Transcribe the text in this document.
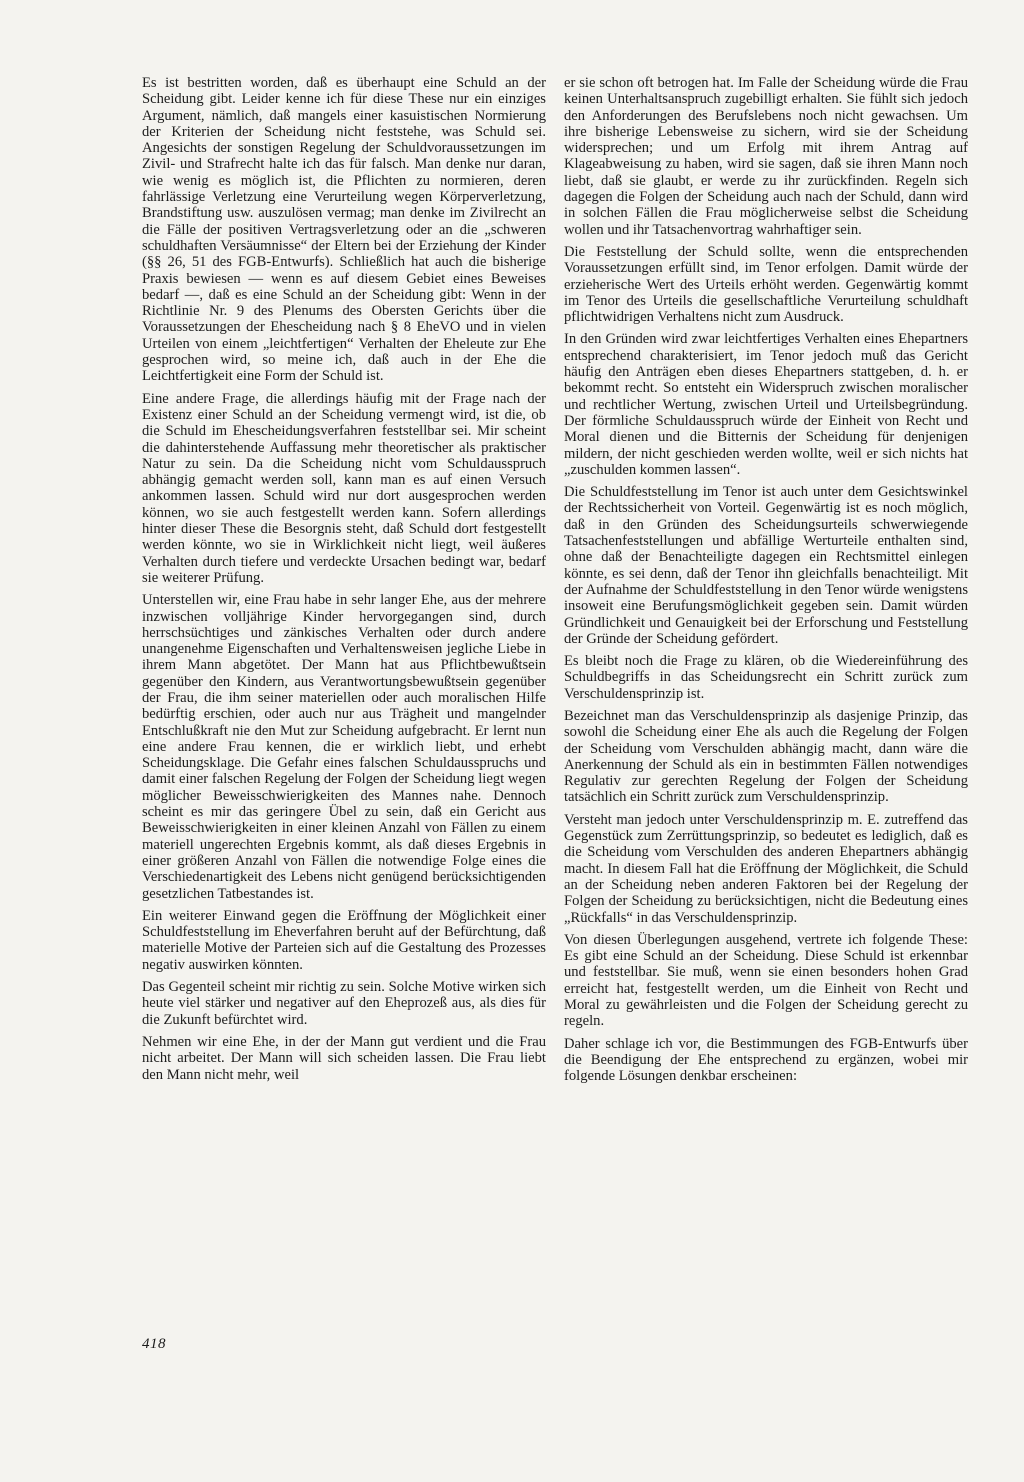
Es ist bestritten worden, daß es überhaupt eine Schuld an der Scheidung gibt. Leider kenne ich für diese These nur ein einziges Argument, nämlich, daß mangels einer kasuistischen Normierung der Kriterien der Scheidung nicht feststehe, was Schuld sei. Angesichts der sonstigen Regelung der Schuldvoraussetzungen im Zivil- und Strafrecht halte ich das für falsch. Man denke nur daran, wie wenig es möglich ist, die Pflichten zu normieren, deren fahrlässige Verletzung eine Verurteilung wegen Körperverletzung, Brandstiftung usw. auszulösen vermag; man denke im Zivilrecht an die Fälle der positiven Vertragsverletzung oder an die „schweren schuldhaften Versäumnisse“ der Eltern bei der Erziehung der Kinder (§§ 26, 51 des FGB-Entwurfs). Schließlich hat auch die bisherige Praxis bewiesen — wenn es auf diesem Gebiet eines Beweises bedarf —, daß es eine Schuld an der Scheidung gibt: Wenn in der Richtlinie Nr. 9 des Plenums des Obersten Gerichts über die Voraussetzungen der Ehescheidung nach § 8 EheVO und in vielen Urteilen von einem „leichtfertigen“ Verhalten der Eheleute zur Ehe gesprochen wird, so meine ich, daß auch in der Ehe die Leichtfertigkeit eine Form der Schuld ist.

Eine andere Frage, die allerdings häufig mit der Frage nach der Existenz einer Schuld an der Scheidung vermengt wird, ist die, ob die Schuld im Ehescheidungsverfahren feststellbar sei. Mir scheint die dahinterstehende Auffassung mehr theoretischer als praktischer Natur zu sein. Da die Scheidung nicht vom Schuldausspruch abhängig gemacht werden soll, kann man es auf einen Versuch ankommen lassen. Schuld wird nur dort ausgesprochen werden können, wo sie auch festgestellt werden kann. Sofern allerdings hinter dieser These die Besorgnis steht, daß Schuld dort festgestellt werden könnte, wo sie in Wirklichkeit nicht liegt, weil äußeres Verhalten durch tiefere und verdeckte Ursachen bedingt war, bedarf sie weiterer Prüfung.

Unterstellen wir, eine Frau habe in sehr langer Ehe, aus der mehrere inzwischen volljährige Kinder hervorgegangen sind, durch herrschsüchtiges und zänkisches Verhalten oder durch andere unangenehme Eigenschaften und Verhaltensweisen jegliche Liebe in ihrem Mann abgetötet. Der Mann hat aus Pflichtbewußtsein gegenüber den Kindern, aus Verantwortungsbewußtsein gegenüber der Frau, die ihm seiner materiellen oder auch moralischen Hilfe bedürftig erschien, oder auch nur aus Trägheit und mangelnder Entschlußkraft nie den Mut zur Scheidung aufgebracht. Er lernt nun eine andere Frau kennen, die er wirklich liebt, und erhebt Scheidungsklage. Die Gefahr eines falschen Schuldausspruchs und damit einer falschen Regelung der Folgen der Scheidung liegt wegen möglicher Beweisschwierigkeiten des Mannes nahe. Dennoch scheint es mir das geringere Übel zu sein, daß ein Gericht aus Beweisschwierigkeiten in einer kleinen Anzahl von Fällen zu einem materiell ungerechten Ergebnis kommt, als daß dieses Ergebnis in einer größeren Anzahl von Fällen die notwendige Folge eines die Verschiedenartigkeit des Lebens nicht genügend berücksichtigenden gesetzlichen Tatbestandes ist.

Ein weiterer Einwand gegen die Eröffnung der Möglichkeit einer Schuldfeststellung im Eheverfahren beruht auf der Befürchtung, daß materielle Motive der Parteien sich auf die Gestaltung des Prozesses negativ auswirken könnten.

Das Gegenteil scheint mir richtig zu sein. Solche Motive wirken sich heute viel stärker und negativer auf den Eheprozeß aus, als dies für die Zukunft befürchtet wird.

Nehmen wir eine Ehe, in der der Mann gut verdient und die Frau nicht arbeitet. Der Mann will sich scheiden lassen. Die Frau liebt den Mann nicht mehr, weil

er sie schon oft betrogen hat. Im Falle der Scheidung würde die Frau keinen Unterhaltsanspruch zugebilligt erhalten. Sie fühlt sich jedoch den Anforderungen des Berufslebens noch nicht gewachsen. Um ihre bisherige Lebensweise zu sichern, wird sie der Scheidung widersprechen; und um Erfolg mit ihrem Antrag auf Klageabweisung zu haben, wird sie sagen, daß sie ihren Mann noch liebt, daß sie glaubt, er werde zu ihr zurückfinden. Regeln sich dagegen die Folgen der Scheidung auch nach der Schuld, dann wird in solchen Fällen die Frau möglicherweise selbst die Scheidung wollen und ihr Tatsachenvortrag wahrhaftiger sein.

Die Feststellung der Schuld sollte, wenn die entsprechenden Voraussetzungen erfüllt sind, im Tenor erfolgen. Damit würde der erzieherische Wert des Urteils erhöht werden. Gegenwärtig kommt im Tenor des Urteils die gesellschaftliche Verurteilung schuldhaft pflichtwidrigen Verhaltens nicht zum Ausdruck.

In den Gründen wird zwar leichtfertiges Verhalten eines Ehepartners entsprechend charakterisiert, im Tenor jedoch muß das Gericht häufig den Anträgen eben dieses Ehepartners stattgeben, d. h. er bekommt recht. So entsteht ein Widerspruch zwischen moralischer und rechtlicher Wertung, zwischen Urteil und Urteilsbegründung. Der förmliche Schuldausspruch würde der Einheit von Recht und Moral dienen und die Bitternis der Scheidung für denjenigen mildern, der nicht geschieden werden wollte, weil er sich nichts hat „zuschulden kommen lassen“.

Die Schuldfeststellung im Tenor ist auch unter dem Gesichtswinkel der Rechtssicherheit von Vorteil. Gegenwärtig ist es noch möglich, daß in den Gründen des Scheidungsurteils schwerwiegende Tatsachenfeststellungen und abfällige Werturteile enthalten sind, ohne daß der Benachteiligte dagegen ein Rechtsmittel einlegen könnte, es sei denn, daß der Tenor ihn gleichfalls benachteiligt. Mit der Aufnahme der Schuldfeststellung in den Tenor würde wenigstens insoweit eine Berufungsmöglichkeit gegeben sein. Damit würden Gründlichkeit und Genauigkeit bei der Erforschung und Feststellung der Gründe der Scheidung gefördert.

Es bleibt noch die Frage zu klären, ob die Wiedereinführung des Schuldbegriffs in das Scheidungsrecht ein Schritt zurück zum Verschuldensprinzip ist.

Bezeichnet man das Verschuldensprinzip als dasjenige Prinzip, das sowohl die Scheidung einer Ehe als auch die Regelung der Folgen der Scheidung vom Verschulden abhängig macht, dann wäre die Anerkennung der Schuld als ein in bestimmten Fällen notwendiges Regulativ zur gerechten Regelung der Folgen der Scheidung tatsächlich ein Schritt zurück zum Verschuldensprinzip.

Versteht man jedoch unter Verschuldensprinzip m. E. zutreffend das Gegenstück zum Zerrüttungsprinzip, so bedeutet es lediglich, daß es die Scheidung vom Verschulden des anderen Ehepartners abhängig macht. In diesem Fall hat die Eröffnung der Möglichkeit, die Schuld an der Scheidung neben anderen Faktoren bei der Regelung der Folgen der Scheidung zu berücksichtigen, nicht die Bedeutung eines „Rückfalls“ in das Verschuldensprinzip.

Von diesen Überlegungen ausgehend, vertrete ich folgende These: Es gibt eine Schuld an der Scheidung. Diese Schuld ist erkennbar und feststellbar. Sie muß, wenn sie einen besonders hohen Grad erreicht hat, festgestellt werden, um die Einheit von Recht und Moral zu gewährleisten und die Folgen der Scheidung gerecht zu regeln.

Daher schlage ich vor, die Bestimmungen des FGB-Entwurfs über die Beendigung der Ehe entsprechend zu ergänzen, wobei mir folgende Lösungen denkbar erscheinen:

418
